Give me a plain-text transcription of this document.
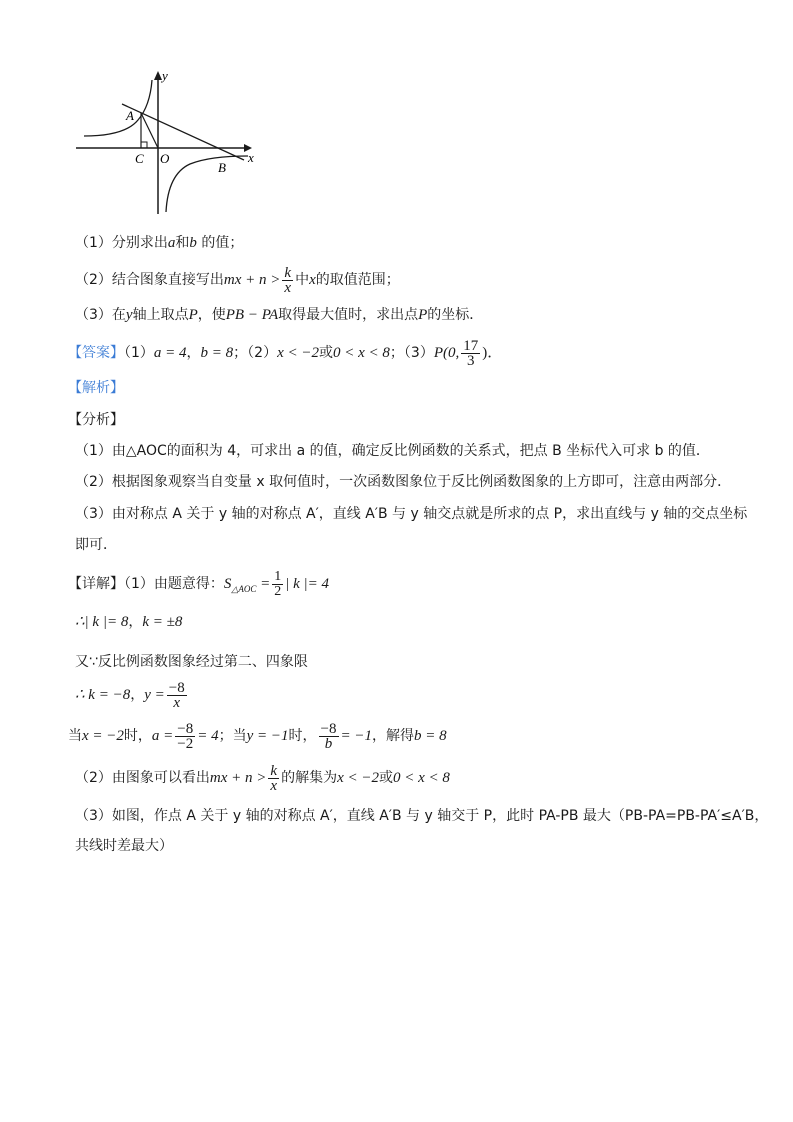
y
x
A
C O
B
（1）分别求出a和b 的值；
（2）结合图象直接写出mx + $n > \frac{k}{x}$ 中x的取值范围；
（3）在y轴上取点P，使PB − PA取得最大值时，求出点P的坐标．
【答案】（1）a = 4，b = 8；（2）x < −2或0 < x < 8；（3）P(0, $\frac{17}{3}$ )．
【解析】
【分析】
（1）由△AOC的面积为 4，可求出 a 的值，确定反比例函数的关系式，把点 B 坐标代入可求 b 的值．
（2）根据图象观察当自变量 x 取何值时，一次函数图象位于反比例函数图象的上方即可，注意由两部分．
（3）由对称点 A 关于 y 轴的对称点 A′，直线 A′B 与 y 轴交点就是所求的点 P，求出直线与 y 轴的交点坐标
即可．
【详解】（1）由题意得：$S_{\triangle AOC} = \frac{1}{2}$ | k |= 4
∴| k |= 8，k = ±8
又∵反比例函数图象经过第二、四象限
∴ k = −8，$y = \frac{-8}{x}$
当x = −2时，$a = \frac{-8}{-2} = 4$；当y = −1时， $\frac{-8}{b} = -1$，解得b = 8
（2）由图象可以看出mx + $n > \frac{k}{x}$ 的解集为x < −2或0 < x < 8
（3）如图，作点 A 关于 y 轴的对称点 A′，直线 A′B 与 y 轴交于 P，此时 PA-PB 最大（PB-PA=PB-PA′≤A′B，
共线时差最大）
